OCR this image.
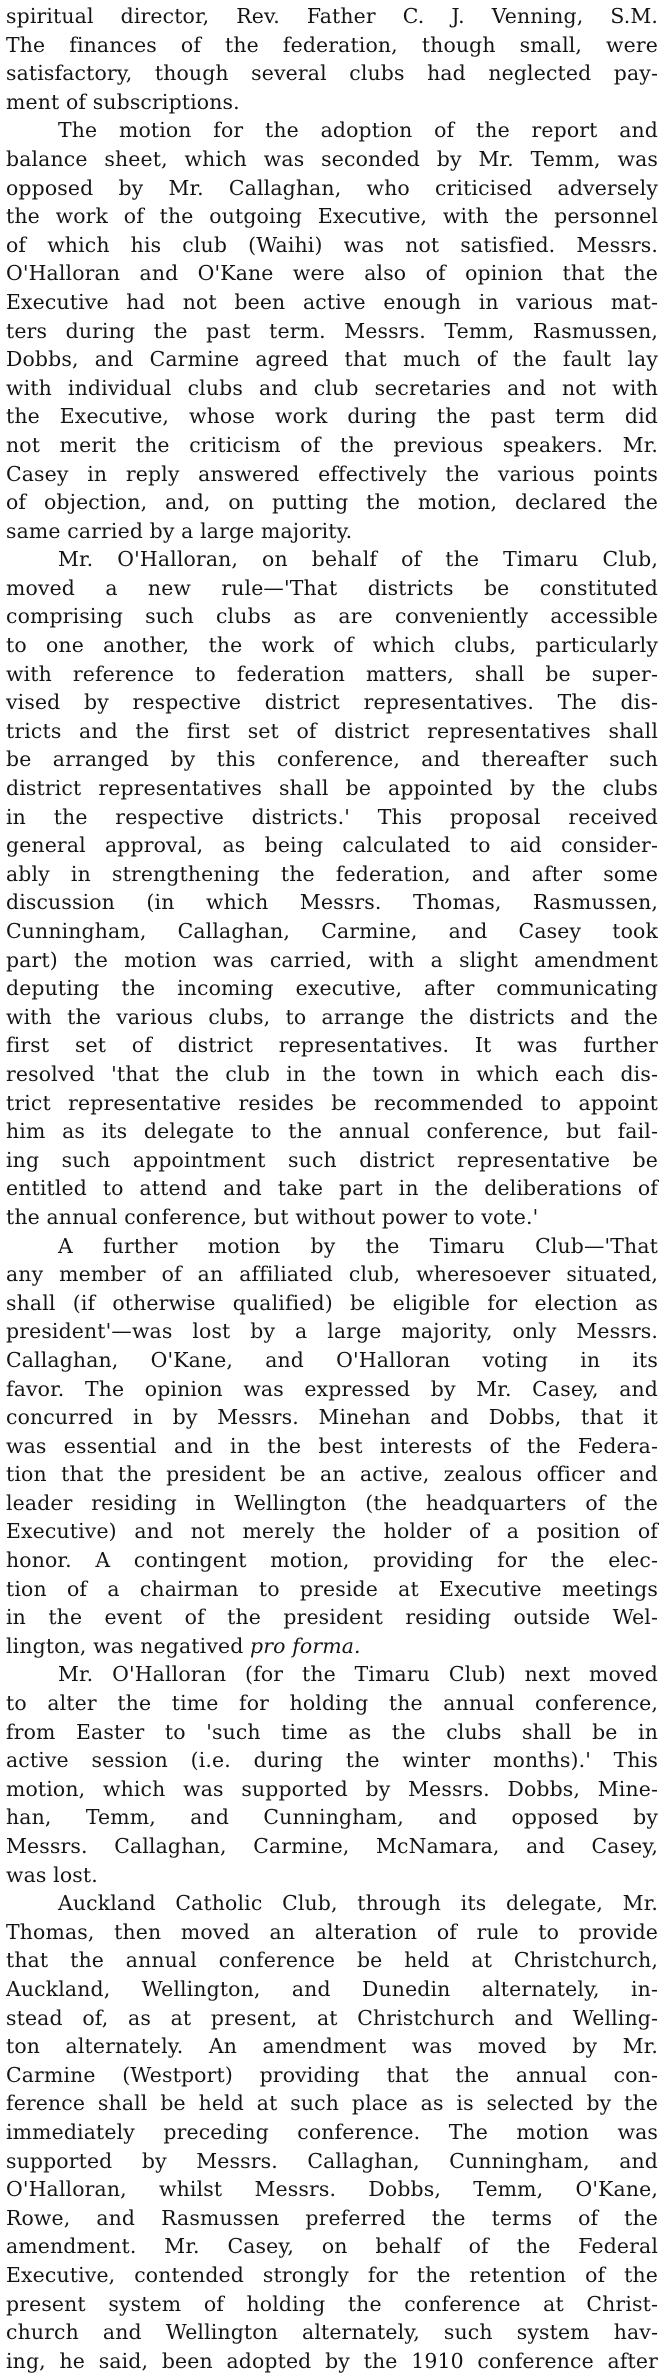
spiritual director, Rev. Father C. J. Venning, S.M.
The finances of the federation, though small, were
satisfactory, though several clubs had neglected pay-
ment of subscriptions.
The motion for the adoption of the report and
balance sheet, which was seconded by Mr. Temm, was
opposed by Mr. Callaghan, who criticised adversely
the work of the outgoing Executive, with the personnel
of which his club (Waihi) was not satisfied. Messrs.
O'Halloran and O'Kane were also of opinion that the
Executive had not been active enough in various mat-
ters during the past term. Messrs. Temm, Rasmussen,
Dobbs, and Carmine agreed that much of the fault lay
with individual clubs and club secretaries and not with
the Executive, whose work during the past term did
not merit the criticism of the previous speakers. Mr.
Casey in reply answered effectively the various points
of objection, and, on putting the motion, declared the
same carried by a large majority.
Mr. O'Halloran, on behalf of the Timaru Club,
moved a new rule—'That districts be constituted
comprising such clubs as are conveniently accessible
to one another, the work of which clubs, particularly
with reference to federation matters, shall be super-
vised by respective district representatives. The dis-
tricts and the first set of district representatives shall
be arranged by this conference, and thereafter such
district representatives shall be appointed by the clubs
in the respective districts.' This proposal received
general approval, as being calculated to aid consider-
ably in strengthening the federation, and after some
discussion (in which Messrs. Thomas, Rasmussen,
Cunningham, Callaghan, Carmine, and Casey took
part) the motion was carried, with a slight amendment
deputing the incoming executive, after communicating
with the various clubs, to arrange the districts and the
first set of district representatives. It was further
resolved 'that the club in the town in which each dis-
trict representative resides be recommended to appoint
him as its delegate to the annual conference, but fail-
ing such appointment such district representative be
entitled to attend and take part in the deliberations of
the annual conference, but without power to vote.'
A further motion by the Timaru Club—'That
any member of an affiliated club, wheresoever situated,
shall (if otherwise qualified) be eligible for election as
president'—was lost by a large majority, only Messrs.
Callaghan, O'Kane, and O'Halloran voting in its
favor. The opinion was expressed by Mr. Casey, and
concurred in by Messrs. Minehan and Dobbs, that it
was essential and in the best interests of the Federa-
tion that the president be an active, zealous officer and
leader residing in Wellington (the headquarters of the
Executive) and not merely the holder of a position of
honor. A contingent motion, providing for the elec-
tion of a chairman to preside at Executive meetings
in the event of the president residing outside Wel-
lington, was negatived pro forma.
Mr. O'Halloran (for the Timaru Club) next moved
to alter the time for holding the annual conference,
from Easter to 'such time as the clubs shall be in
active session (i.e. during the winter months).' This
motion, which was supported by Messrs. Dobbs, Mine-
han, Temm, and Cunningham, and opposed by
Messrs. Callaghan, Carmine, McNamara, and Casey,
was lost.
Auckland Catholic Club, through its delegate, Mr.
Thomas, then moved an alteration of rule to provide
that the annual conference be held at Christchurch,
Auckland, Wellington, and Dunedin alternately, in-
stead of, as at present, at Christchurch and Welling-
ton alternately. An amendment was moved by Mr.
Carmine (Westport) providing that the annual con-
ference shall be held at such place as is selected by the
immediately preceding conference. The motion was
supported by Messrs. Callaghan, Cunningham, and
O'Halloran, whilst Messrs. Dobbs, Temm, O'Kane,
Rowe, and Rasmussen preferred the terms of the
amendment. Mr. Casey, on behalf of the Federal
Executive, contended strongly for the retention of the
present system of holding the conference at Christ-
church and Wellington alternately, such system hav-
ing, he said, been adopted by the 1910 conference after
